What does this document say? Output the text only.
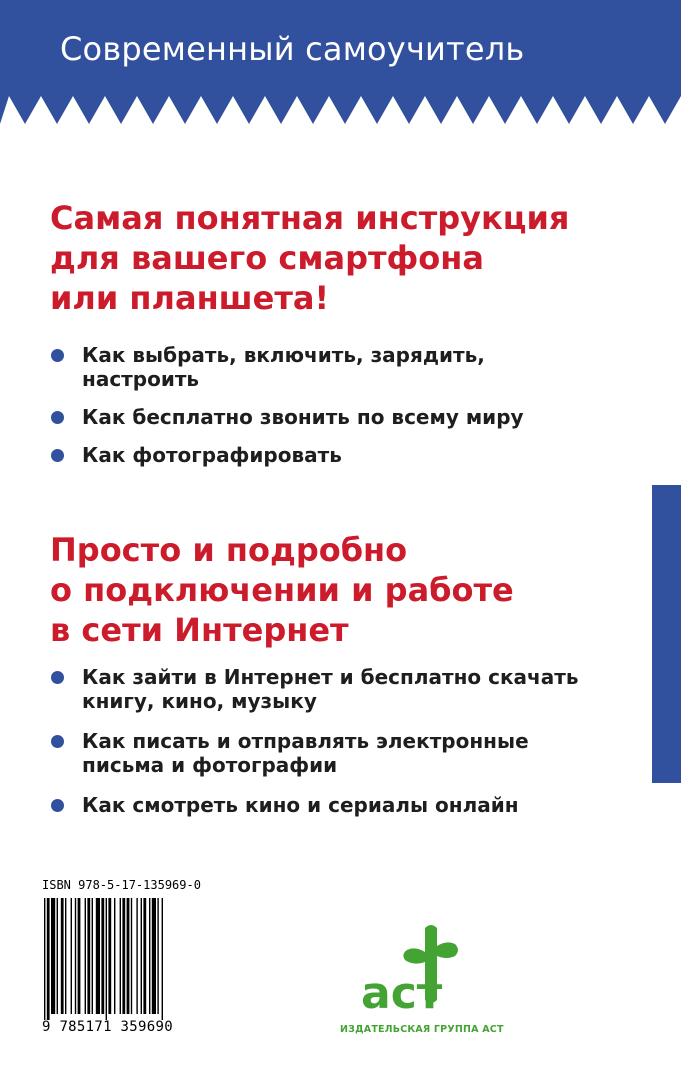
Современный самоучитель
Самая понятная инструкция
для вашего смартфона
или планшета!
Как выбрать, включить, зарядить,
настроить
Как бесплатно звонить по всему миру
Как фотографировать
Просто и подробно
о подключении и работе
в сети Интернет
Как зайти в Интернет и бесплатно скачать
книгу, кино, музыку
Как писать и отправлять электронные
письма и фотографии
Как смотреть кино и сериалы онлайн
ISBN 978-5-17-135969-0
9 785171 359690
аст
ИЗДАТЕЛЬСКАЯ ГРУППА АСТ
